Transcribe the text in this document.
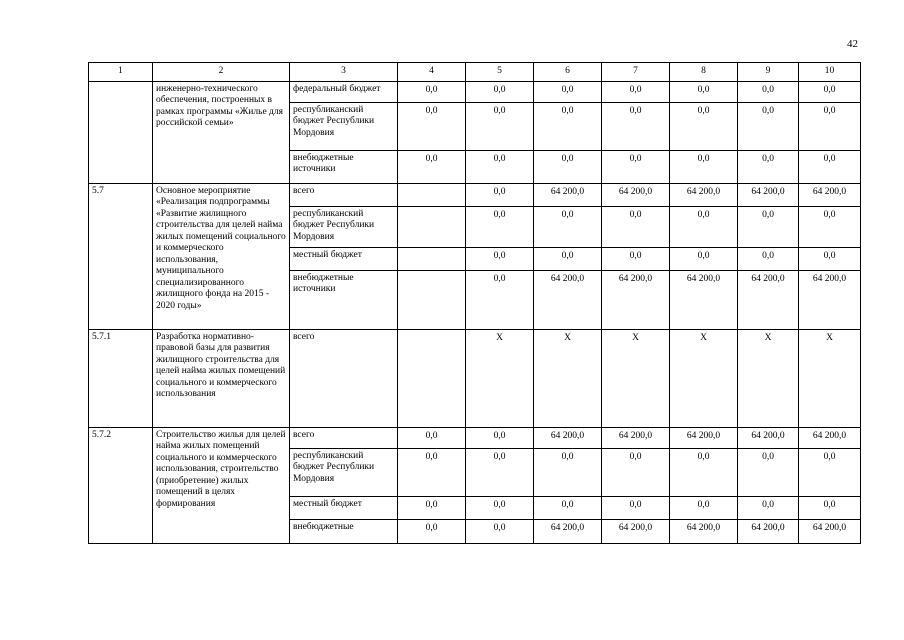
42
1	2	3	4	5	6	7	8	9	10
	инженерно-технического обеспечения, построенных в рамках программы «Жилье для российской семьи»	федеральный бюджет	0,0	0,0	0,0	0,0	0,0	0,0	0,0
		республиканский бюджет Республики Мордовия	0,0	0,0	0,0	0,0	0,0	0,0	0,0
		внебюджетные источники	0,0	0,0	0,0	0,0	0,0	0,0	0,0
5.7	Основное мероприятие «Реализация подпрограммы «Развитие жилищного строительства для целей найма жилых помещений социального и коммерческого использования, муниципального специализированного жилищного фонда на 2015 - 2020 годы»	всего		0,0	64 200,0	64 200,0	64 200,0	64 200,0	64 200,0
		республиканский бюджет Республики Мордовия		0,0	0,0	0,0	0,0	0,0	0,0
		местный бюджет		0,0	0,0	0,0	0,0	0,0	0,0
		внебюджетные источники		0,0	64 200,0	64 200,0	64 200,0	64 200,0	64 200,0
5.7.1	Разработка нормативно-правовой базы для развития жилищного строительства для целей найма жилых помещений социального и коммерческого использования	всего		X	X	X	X	X	X
5.7.2	Строительство жилья для целей найма жилых помещений социального и коммерческого использования, строительство (приобретение) жилых помещений в целях формирования	всего	0,0	0,0	64 200,0	64 200,0	64 200,0	64 200,0	64 200,0
		республиканский бюджет Республики Мордовия	0,0	0,0	0,0	0,0	0,0	0,0	0,0
		местный бюджет	0,0	0,0	0,0	0,0	0,0	0,0	0,0
		внебюджетные	0,0	0,0	64 200,0	64 200,0	64 200,0	64 200,0	64 200,0
